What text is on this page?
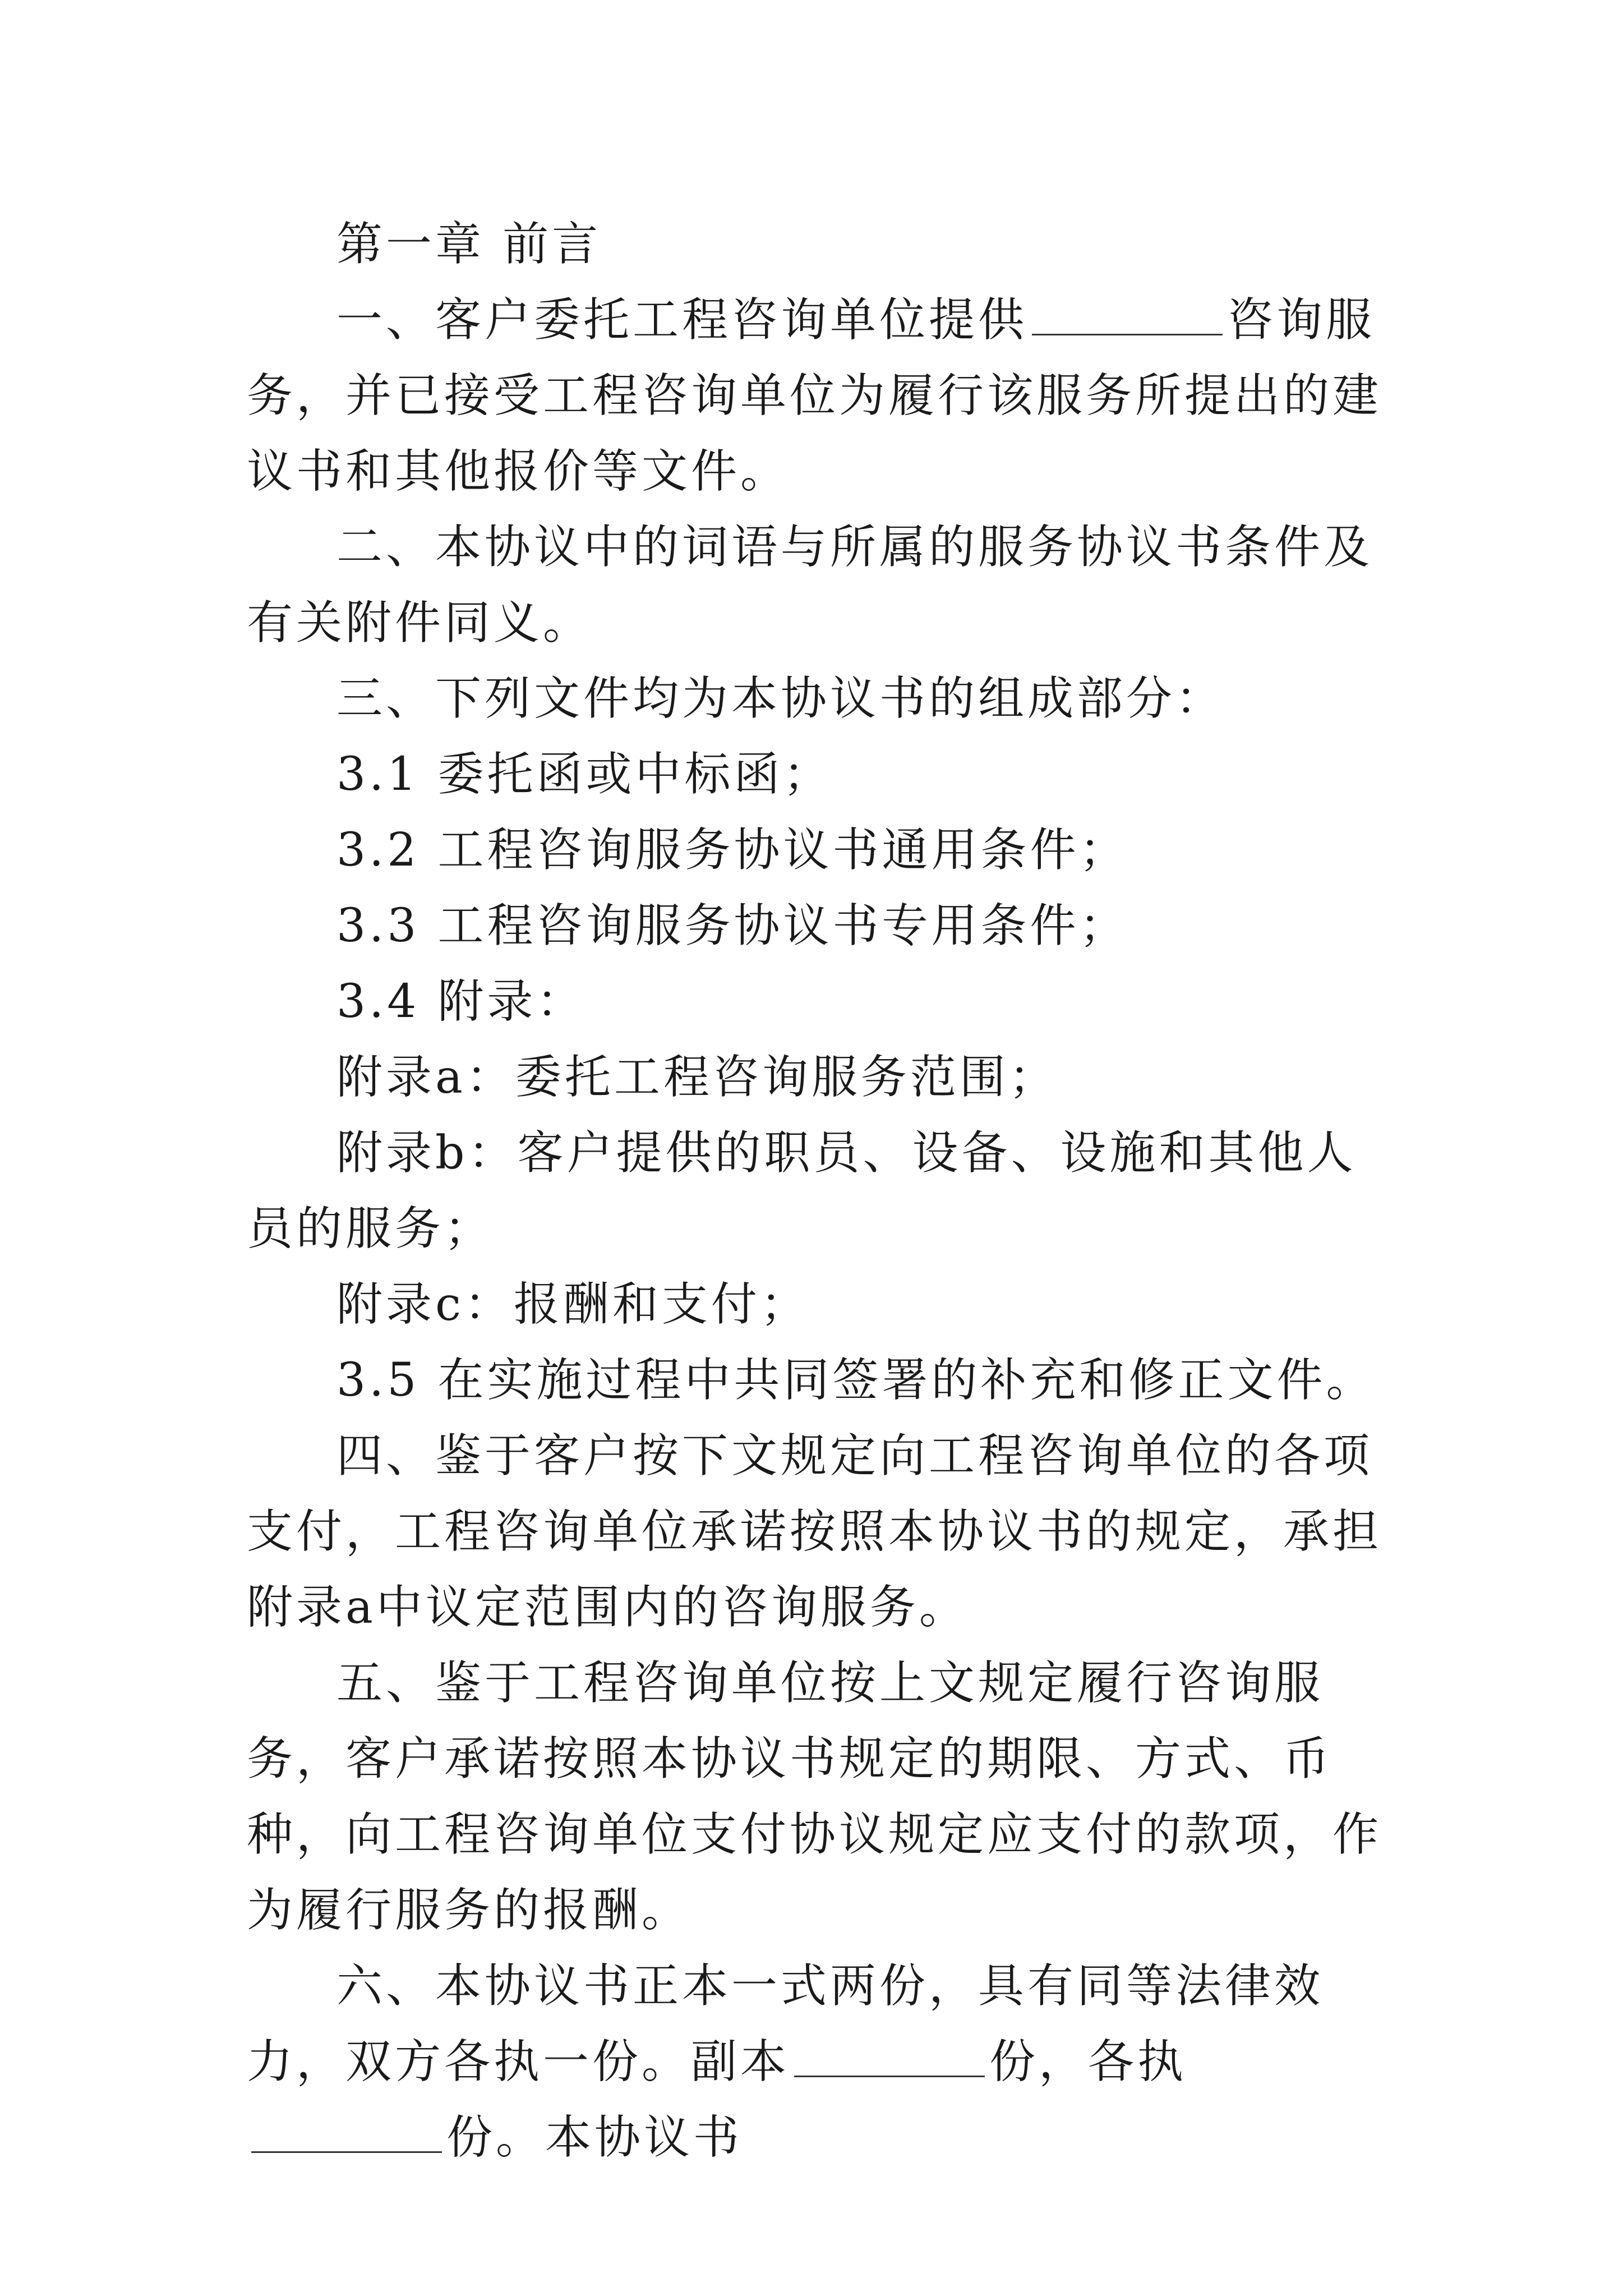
第一章 前言

一、客户委托工程咨询单位提供	咨询服务，并已接受工程咨询单位为履行该服务所提出的建议书和其他报价等文件。

二、本协议中的词语与所属的服务协议书条件及有关附件同义。

三、下列文件均为本协议书的组成部分：

3.1 委托函或中标函；

3.2 工程咨询服务协议书通用条件；

3.3 工程咨询服务协议书专用条件；

3.4 附录：

附录a：委托工程咨询服务范围；

附录b：客户提供的职员、设备、设施和其他人员的服务；

附录c：报酬和支付；

3.5 在实施过程中共同签署的补充和修正文件。

四、鉴于客户按下文规定向工程咨询单位的各项支付，工程咨询单位承诺按照本协议书的规定，承担附录a中议定范围内的咨询服务。

五、鉴于工程咨询单位按上文规定履行咨询服务，客户承诺按照本协议书规定的期限、方式、币种，向工程咨询单位支付协议规定应支付的款项，作为履行服务的报酬。

六、本协议书正本一式两份，具有同等法律效力，双方各执一份。副本	份，各执份。本协议书
